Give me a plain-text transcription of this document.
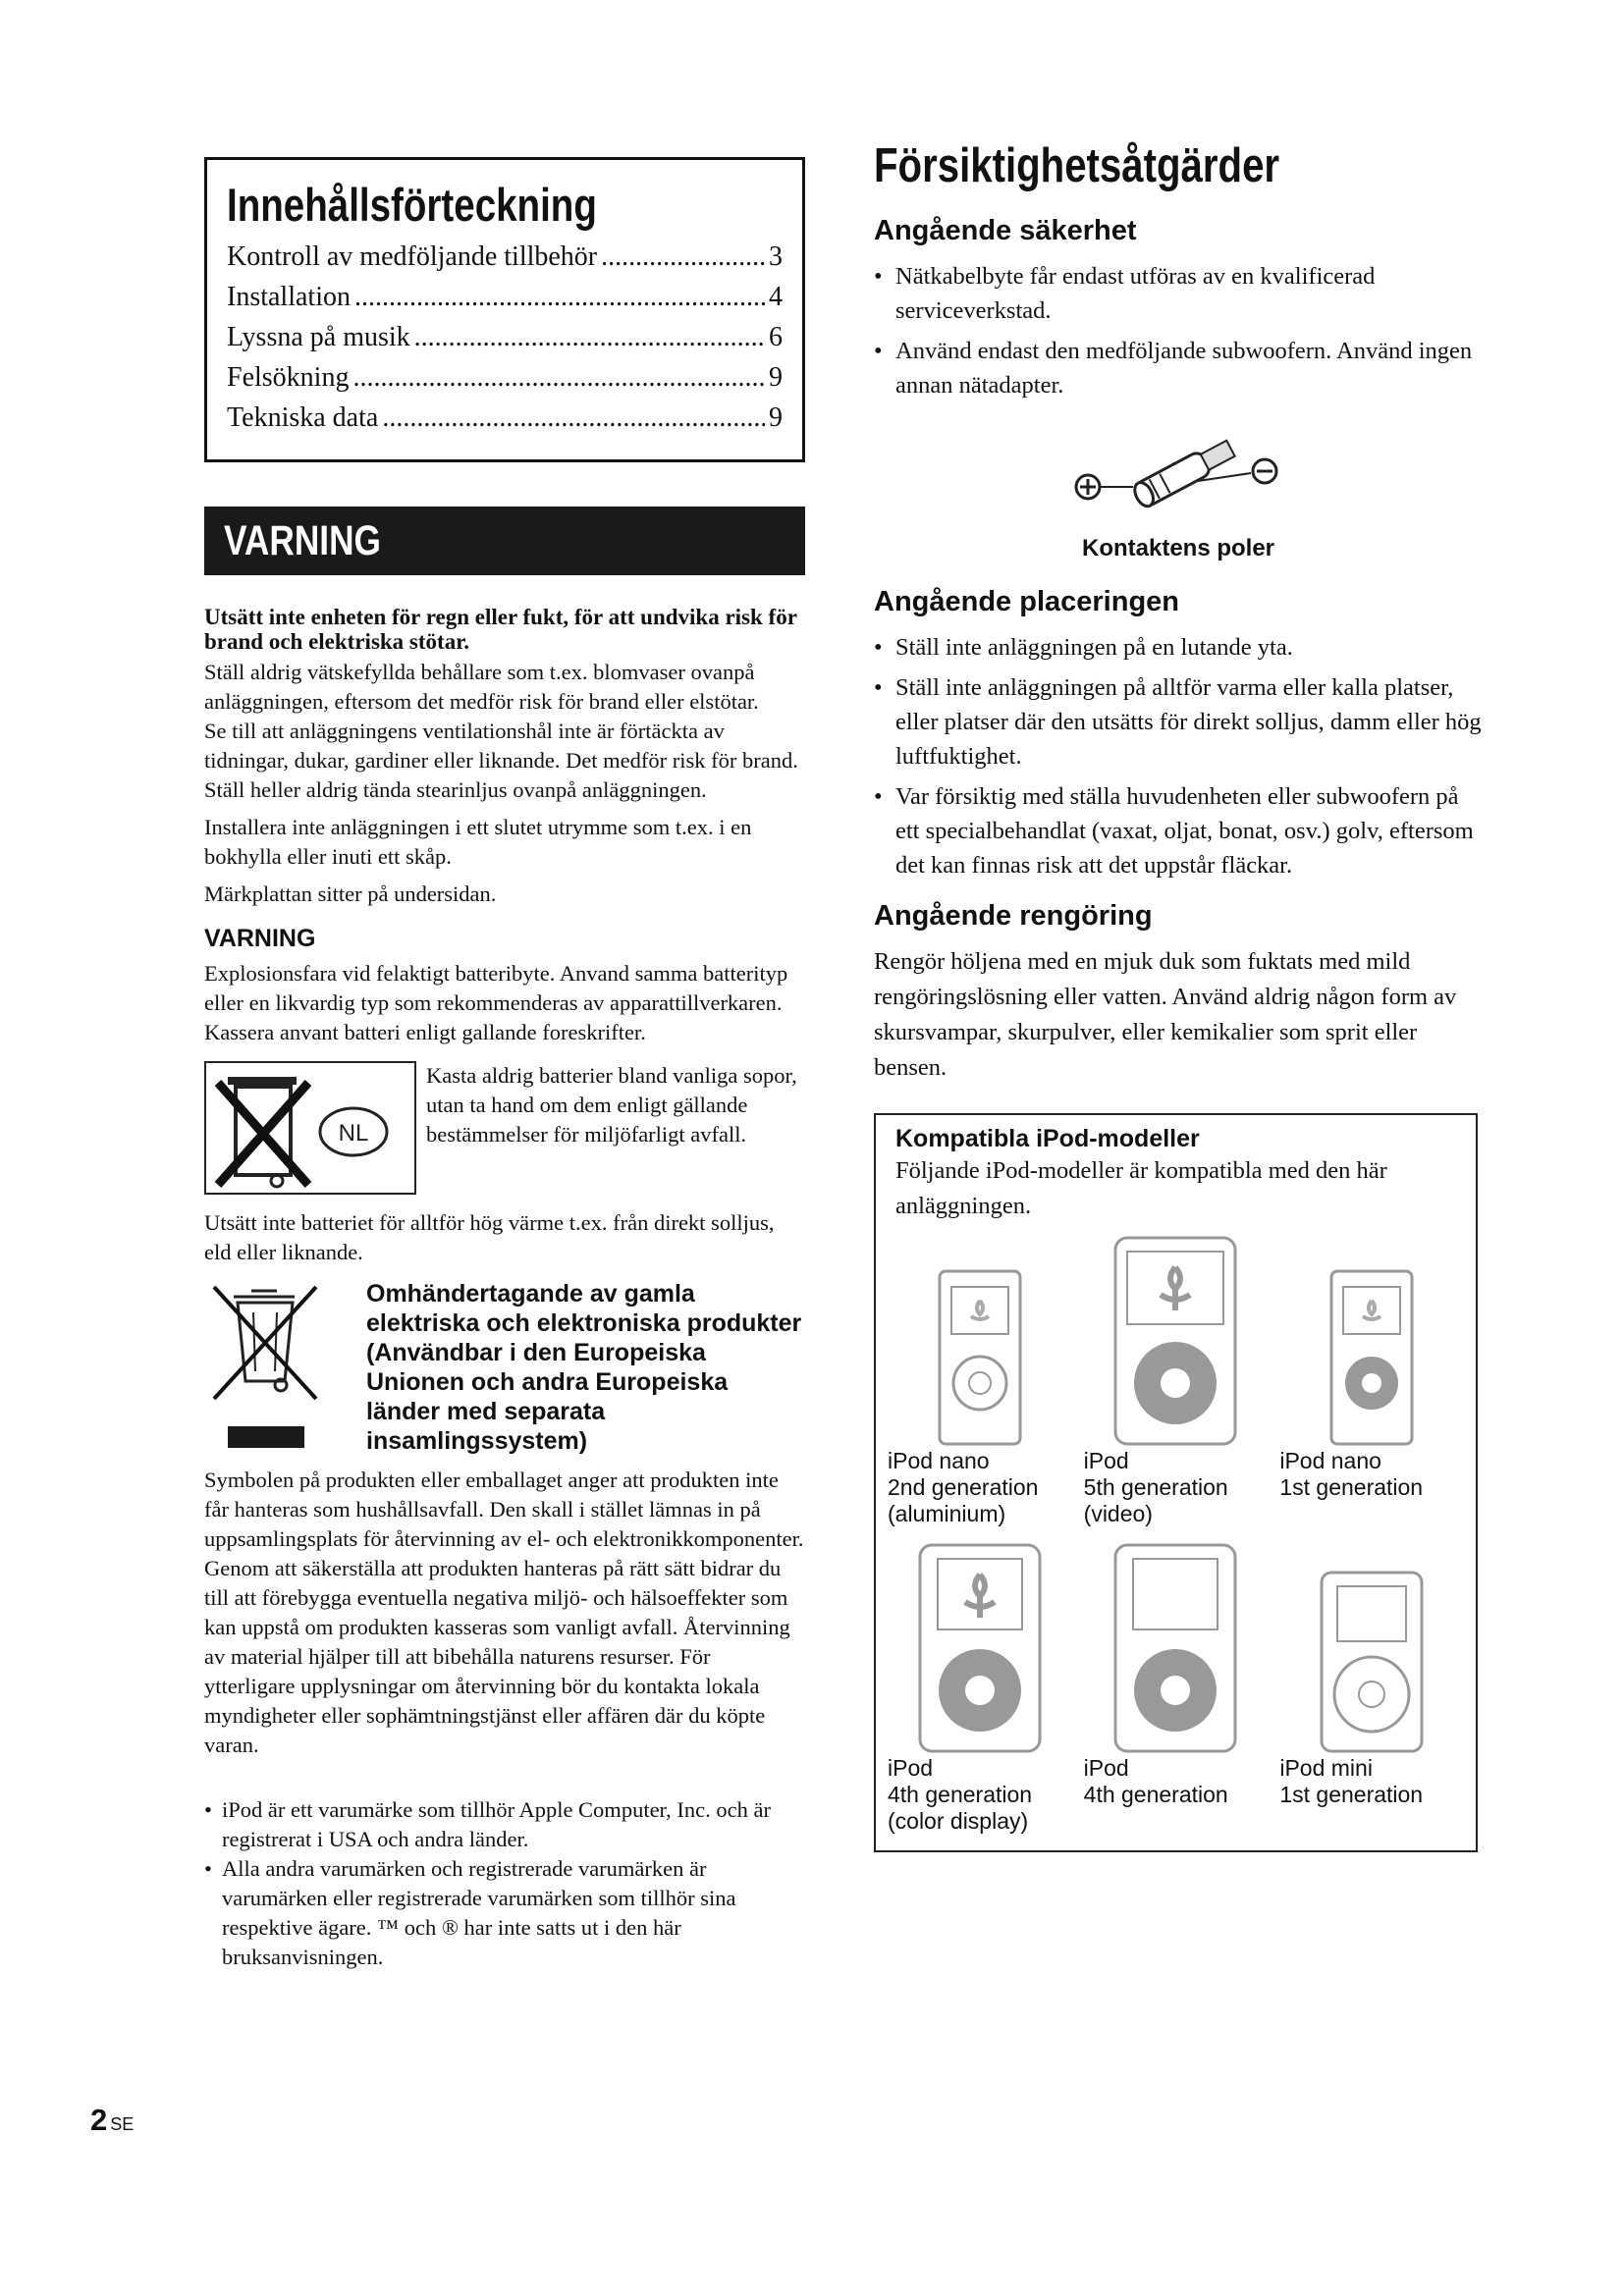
Innehållsförteckning
Kontroll av medföljande tillbehör .....	3
Installation .....	4
Lyssna på musik .....	6
Felsökning .....	9
Tekniska data .....	9
VARNING
Utsätt inte enheten för regn eller fukt, för att undvika risk för brand och elektriska stötar.

Ställ aldrig vätskefyllda behållare som t.ex. blomvaser ovanpå anläggningen, eftersom det medför risk för brand eller elstötar.

Se till att anläggningens ventilationshål inte är förtäckta av tidningar, dukar, gardiner eller liknande. Det medför risk för brand. Ställ heller aldrig tända stearinljus ovanpå anläggningen.

Installera inte anläggningen i ett slutet utrymme som t.ex. i en bokhylla eller inuti ett skåp.

Märkplattan sitter på undersidan.

VARNING

Explosionsfara vid felaktigt batteribyte. Anvand samma batterityp eller en likvardig typ som rekommenderas av apparattillverkaren. Kassera anvant batteri enligt gallande foreskrifter.

NL
Kasta aldrig batterier bland vanliga sopor, utan ta hand om dem enligt gällande bestämmelser för miljöfarligt avfall.

Utsätt inte batteriet för alltför hög värme t.ex. från direkt solljus, eld eller liknande.

Omhändertagande av gamla elektriska och elektroniska produkter (Användbar i den Europeiska Unionen och andra Europeiska länder med separata insamlingssystem)

Symbolen på produkten eller emballaget anger att produkten inte får hanteras som hushållsavfall. Den skall i stället lämnas in på uppsamlingsplats för återvinning av el- och elektronikkomponenter. Genom att säkerställa att produkten hanteras på rätt sätt bidrar du till att förebygga eventuella negativa miljö- och hälsoeffekter som kan uppstå om produkten kasseras som vanligt avfall. Återvinning av material hjälper till att bibehålla naturens resurser. För ytterligare upplysningar om återvinning bör du kontakta lokala myndigheter eller sophämtningstjänst eller affären där du köpte varan.

• iPod är ett varumärke som tillhör Apple Computer, Inc. och är registrerat i USA och andra länder.
• Alla andra varumärken och registrerade varumärken är varumärken eller registrerade varumärken som tillhör sina respektive ägare. ™ och ® har inte satts ut i den här bruksanvisningen.
Försiktighetsåtgärder
Angående säkerhet
• Nätkabelbyte får endast utföras av en kvalificerad serviceverkstad.
• Använd endast den medföljande subwoofern. Använd ingen annan nätadapter.
Kontaktens poler
Angående placeringen
• Ställ inte anläggningen på en lutande yta.
• Ställ inte anläggningen på alltför varma eller kalla platser, eller platser där den utsätts för direkt solljus, damm eller hög luftfuktighet.
• Var försiktig med ställa huvudenheten eller subwoofern på ett specialbehandlat (vaxat, oljat, bonat, osv.) golv, eftersom det kan finnas risk att det uppstår fläckar.
Angående rengöring

Rengör höljena med en mjuk duk som fuktats med mild rengöringslösning eller vatten. Använd aldrig någon form av skursvampar, skurpulver, eller kemikalier som sprit eller bensen.

Kompatibla iPod-modeller
Följande iPod-modeller är kompatibla med den här anläggningen.
iPod nano
2nd generation
(aluminium)
iPod
5th generation
(video)
iPod nano
1st generation
iPod
4th generation
(color display)
iPod
4th generation
iPod mini
1st generation
2 SE
